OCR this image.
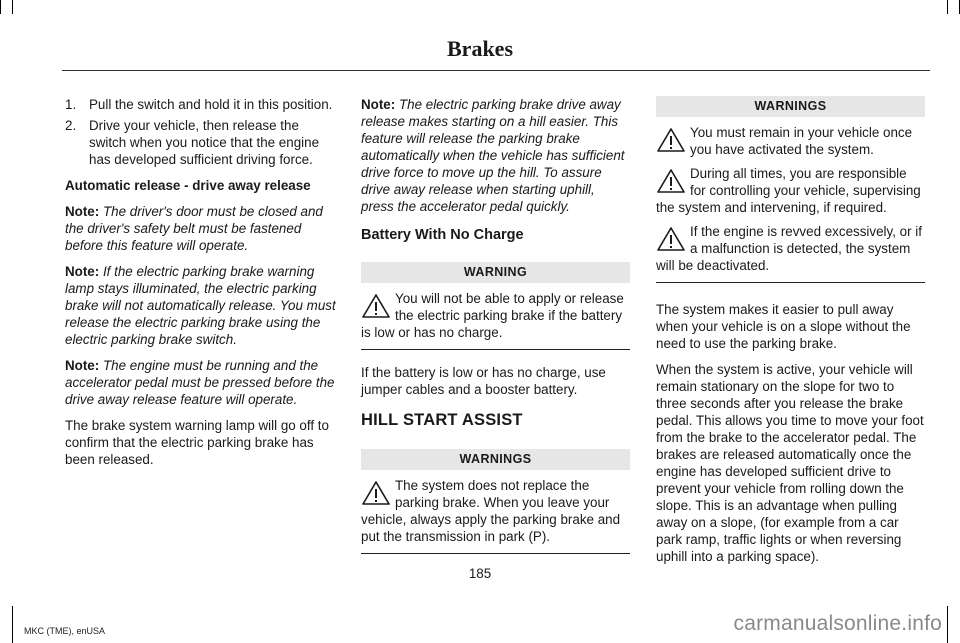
Brakes
1. Pull the switch and hold it in this position.
2. Drive your vehicle, then release the switch when you notice that the engine has developed sufficient driving force.

Automatic release - drive away release

Note: The driver's door must be closed and the driver's safety belt must be fastened before this feature will operate.

Note: If the electric parking brake warning lamp stays illuminated, the electric parking brake will not automatically release. You must release the electric parking brake using the electric parking brake switch.

Note: The engine must be running and the accelerator pedal must be pressed before the drive away release feature will operate.

The brake system warning lamp will go off to confirm that the electric parking brake has been released.

Note: The electric parking brake drive away release makes starting on a hill easier. This feature will release the parking brake automatically when the vehicle has sufficient drive force to move up the hill. To assure drive away release when starting uphill, press the accelerator pedal quickly.

Battery With No Charge
WARNING
You will not be able to apply or release the electric parking brake if the battery is low or has no charge.

If the battery is low or has no charge, use jumper cables and a booster battery.

HILL START ASSIST
WARNINGS
The system does not replace the parking brake. When you leave your vehicle, always apply the parking brake and put the transmission in park (P).
WARNINGS
You must remain in your vehicle once you have activated the system.
During all times, you are responsible for controlling your vehicle, supervising the system and intervening, if required.
If the engine is revved excessively, or if a malfunction is detected, the system will be deactivated.

The system makes it easier to pull away when your vehicle is on a slope without the need to use the parking brake.

When the system is active, your vehicle will remain stationary on the slope for two to three seconds after you release the brake pedal. This allows you time to move your foot from the brake to the accelerator pedal. The brakes are released automatically once the engine has developed sufficient drive to prevent your vehicle from rolling down the slope. This is an advantage when pulling away on a slope, (for example from a car park ramp, traffic lights or when reversing uphill into a parking space).

185
MKC (TME), enUSA	carmanualsonline.info
